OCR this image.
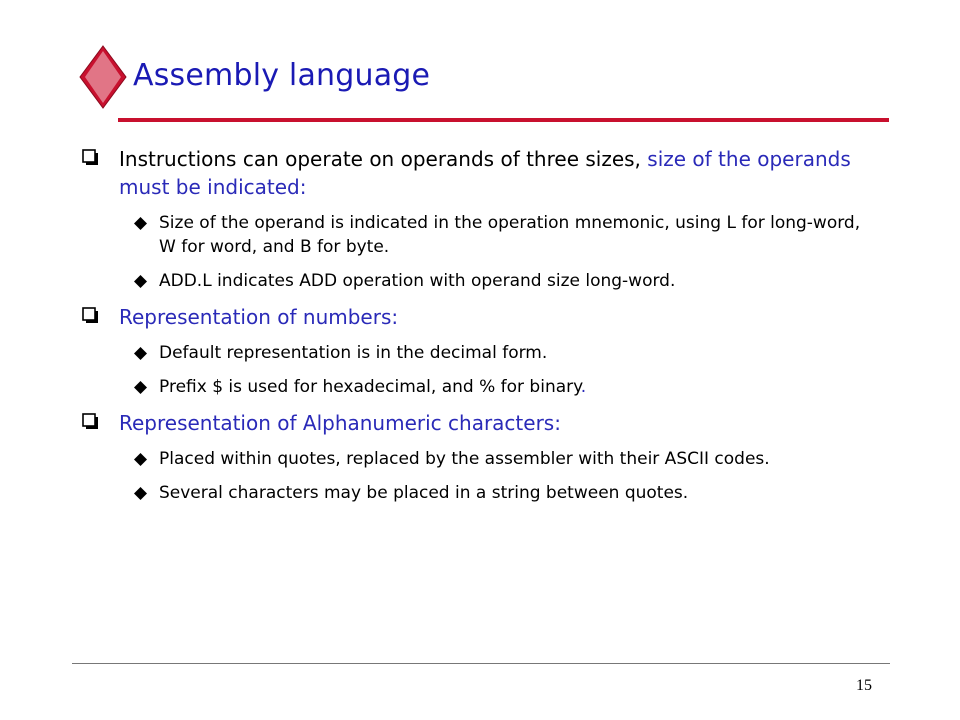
Assembly language
Instructions can operate on operands of three sizes, size of the operands must be indicated:
Size of the operand is indicated in the operation mnemonic, using L for long-word, W for word, and B for byte.
ADD.L indicates ADD operation with operand size long-word.
Representation of numbers:
Default representation is in the decimal form.
Prefix $ is used for hexadecimal, and % for binary.
Representation of Alphanumeric characters:
Placed within quotes, replaced by the assembler with their ASCII codes.
Several characters may be placed in a string between quotes.
15
